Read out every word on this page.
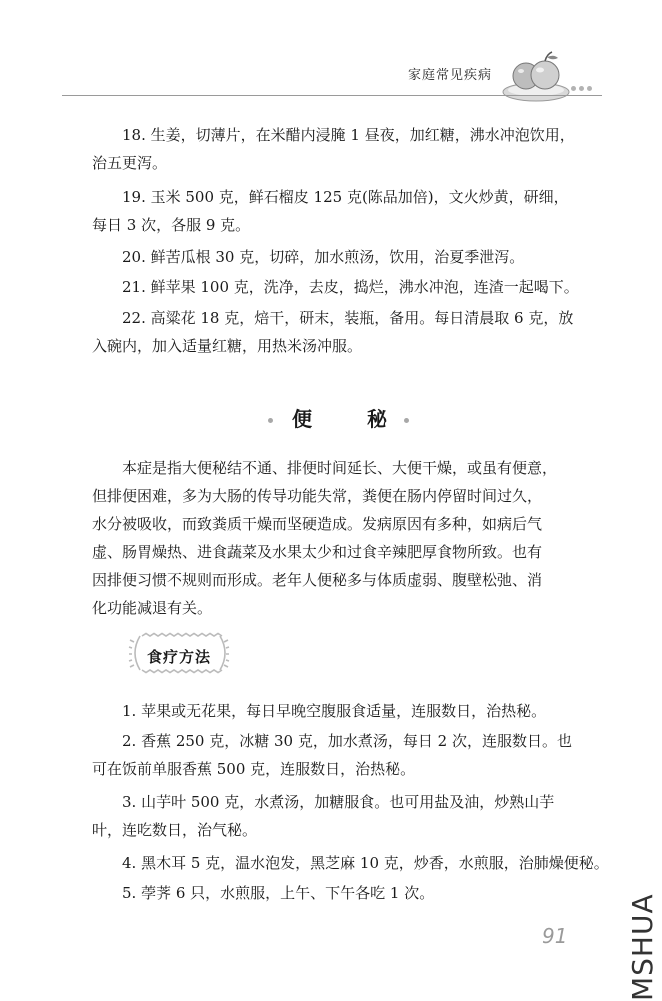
家庭常见疾病
18. 生姜，切薄片，在米醋内浸腌 1 昼夜，加红糖，沸水冲泡饮用，
治五更泻。
19. 玉米 500 克，鲜石榴皮 125 克(陈品加倍)，文火炒黄，研细，
每日 3 次，各服 9 克。
20. 鲜苦瓜根 30 克，切碎，加水煎汤，饮用，治夏季泄泻。
21. 鲜苹果 100 克，洗净，去皮，捣烂，沸水冲泡，连渣一起喝下。
22. 高粱花 18 克，焙干，研末，装瓶，备用。每日清晨取 6 克，放
入碗内，加入适量红糖，用热米汤冲服。
便	秘
本症是指大便秘结不通、排便时间延长、大便干燥，或虽有便意，
但排便困难，多为大肠的传导功能失常，粪便在肠内停留时间过久，
水分被吸收，而致粪质干燥而坚硬造成。发病原因有多种，如病后气
虚、肠胃燥热、进食蔬菜及水果太少和过食辛辣肥厚食物所致。也有
因排便习惯不规则而形成。老年人便秘多与体质虚弱、腹壁松弛、消
化功能减退有关。
食疗方法
1. 苹果或无花果，每日早晚空腹服食适量，连服数日，治热秘。
2. 香蕉 250 克，冰糖 30 克，加水煮汤，每日 2 次，连服数日。也
可在饭前单服香蕉 500 克，连服数日，治热秘。
3. 山芋叶 500 克，水煮汤，加糖服食。也可用盐及油，炒熟山芋
叶，连吃数日，治气秘。
4. 黑木耳 5 克，温水泡发，黑芝麻 10 克，炒香，水煎服，治肺燥便秘。
5. 荸荠 6 只，水煎服，上午、下午各吃 1 次。
91 MSHUA
